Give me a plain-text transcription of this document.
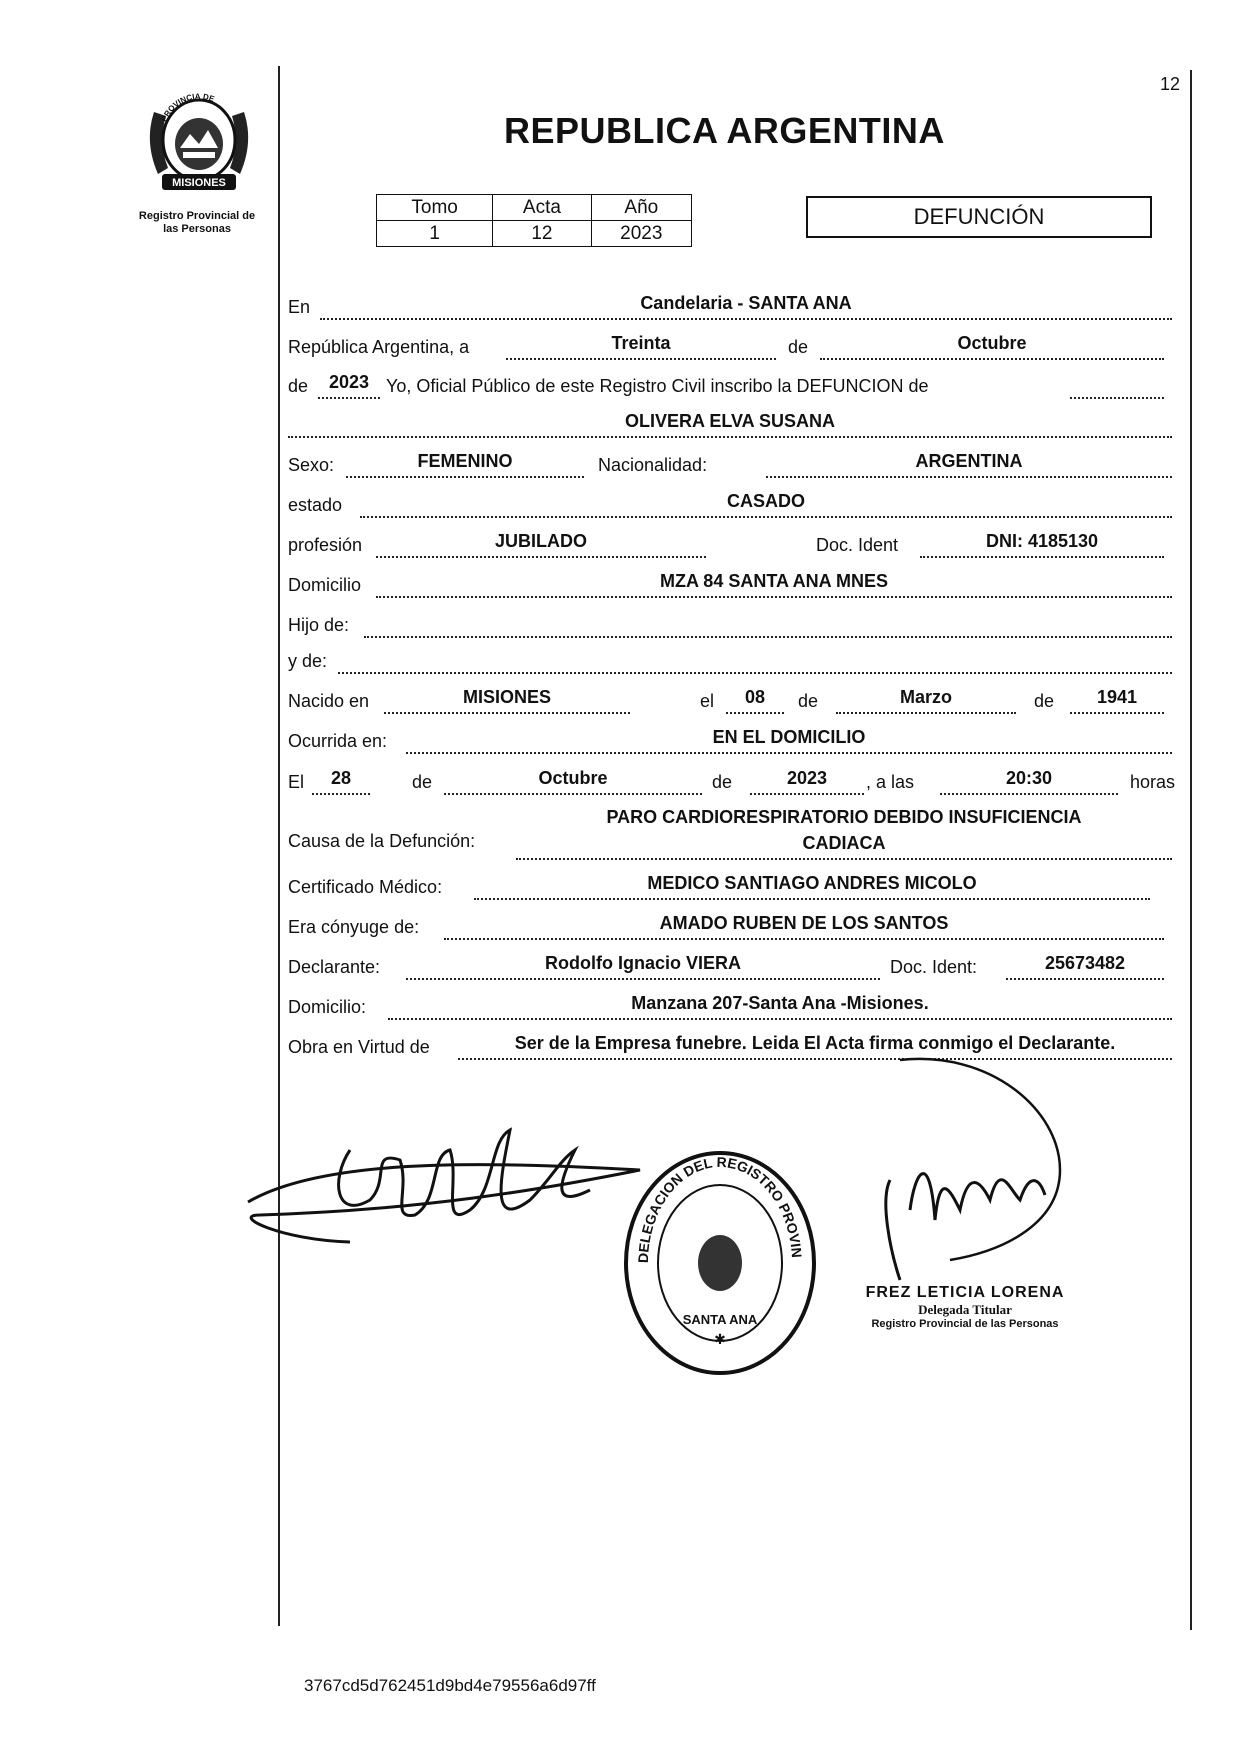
12
PROVINCIA DE
MISIONES
Registro Provincial de
las Personas
REPUBLICA ARGENTINA
Tomo	Acta	Año
1	12	2023
DEFUNCIÓN
En	Candelaria - SANTA ANA
República Argentina, a	Treinta	de	Octubre
de	2023 Yo, Oficial Público de este Registro Civil inscribo la DEFUNCION de
OLIVERA ELVA SUSANA
Sexo:	FEMENINO	Nacionalidad:	ARGENTINA
estado	CASADO
profesión	JUBILADO	Doc. Ident	DNI: 4185130
Domicilio	MZA 84 SANTA ANA MNES
Hijo de:
y de:
Nacido en	MISIONES	el	08	de	Marzo	de	1941
Ocurrida en:	EN EL DOMICILIO
El	28	de	Octubre	de	2023	, a las	20:30	horas
Causa de la Defunción:
PARO CARDIORESPIRATORIO DEBIDO INSUFICIENCIA
CADIACA
Certificado Médico:	MEDICO SANTIAGO ANDRES MICOLO
Era cónyuge de:	AMADO RUBEN DE LOS SANTOS
Declarante:	Rodolfo Ignacio VIERA	Doc. Ident:	25673482
Domicilio:	Manzana 207-Santa Ana -Misiones.
Obra en Virtud de	Ser de la Empresa funebre. Leida El Acta firma conmigo el Declarante.
DELEGACION DEL REGISTRO PROVIN
SANTA ANA
✱
FREZ LETICIA LORENA
Delegada Titular
Registro Provincial de las Personas
3767cd5d762451d9bd4e79556a6d97ff
